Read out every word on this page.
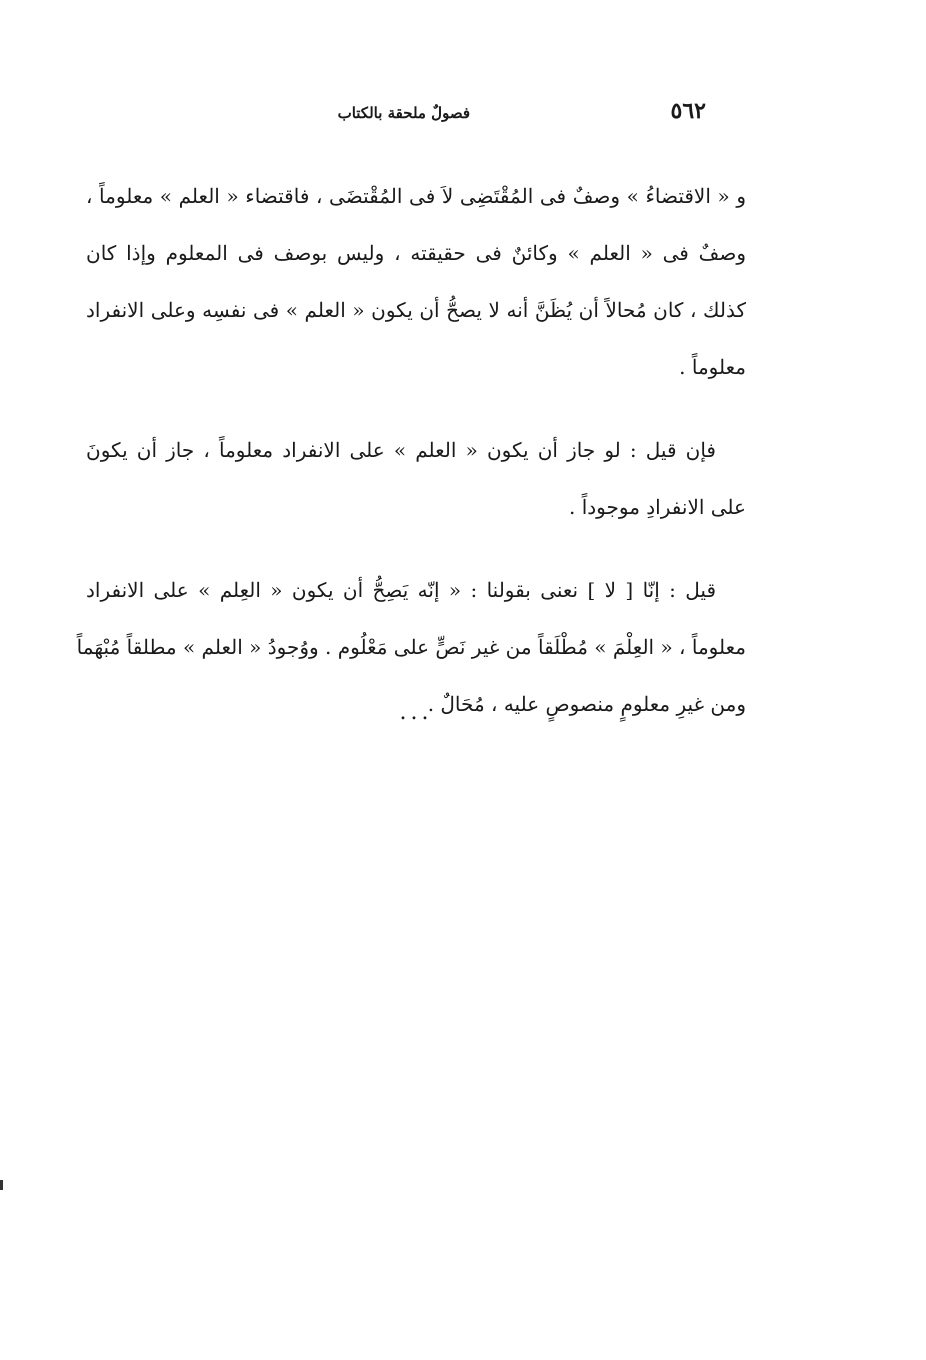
٥٦٢
فصولٌ ملحقة بالكتاب

و « الاقتضاءُ » وصفٌ فى المُقْتَضِى لاَ فى المُقْتضَى ، فاقتضاء « العلم » معلوماً ،
وصفٌ فى « العلم » وكائنٌ فى حقيقته ، وليس بوصف فى المعلوم وإذا كان
كذلك ، كان مُحالاً أن يُظَنَّ أنه لا يصحُّ أن يكون « العلم » فى نفسِه وعلى الانفراد
معلوماً .

فإن قيل : لو جاز أن يكون « العلم » على الانفراد معلوماً ، جاز أن يكونَ
على الانفرادِ موجوداً .

قيل : إنّا [ لا ] نعنى بقولنا : « إنّه يَصِحُّ أن يكون « العِلم » على الانفراد
معلوماً ، « العِلْمَ » مُطْلَقاً من غير نَصٍّ على مَعْلُوم . ووُجودُ « العلم » مطلقاً مُبْهَماً
ومن غيرِ معلومٍ منصوصٍ عليه ، مُحَالٌ .

...
